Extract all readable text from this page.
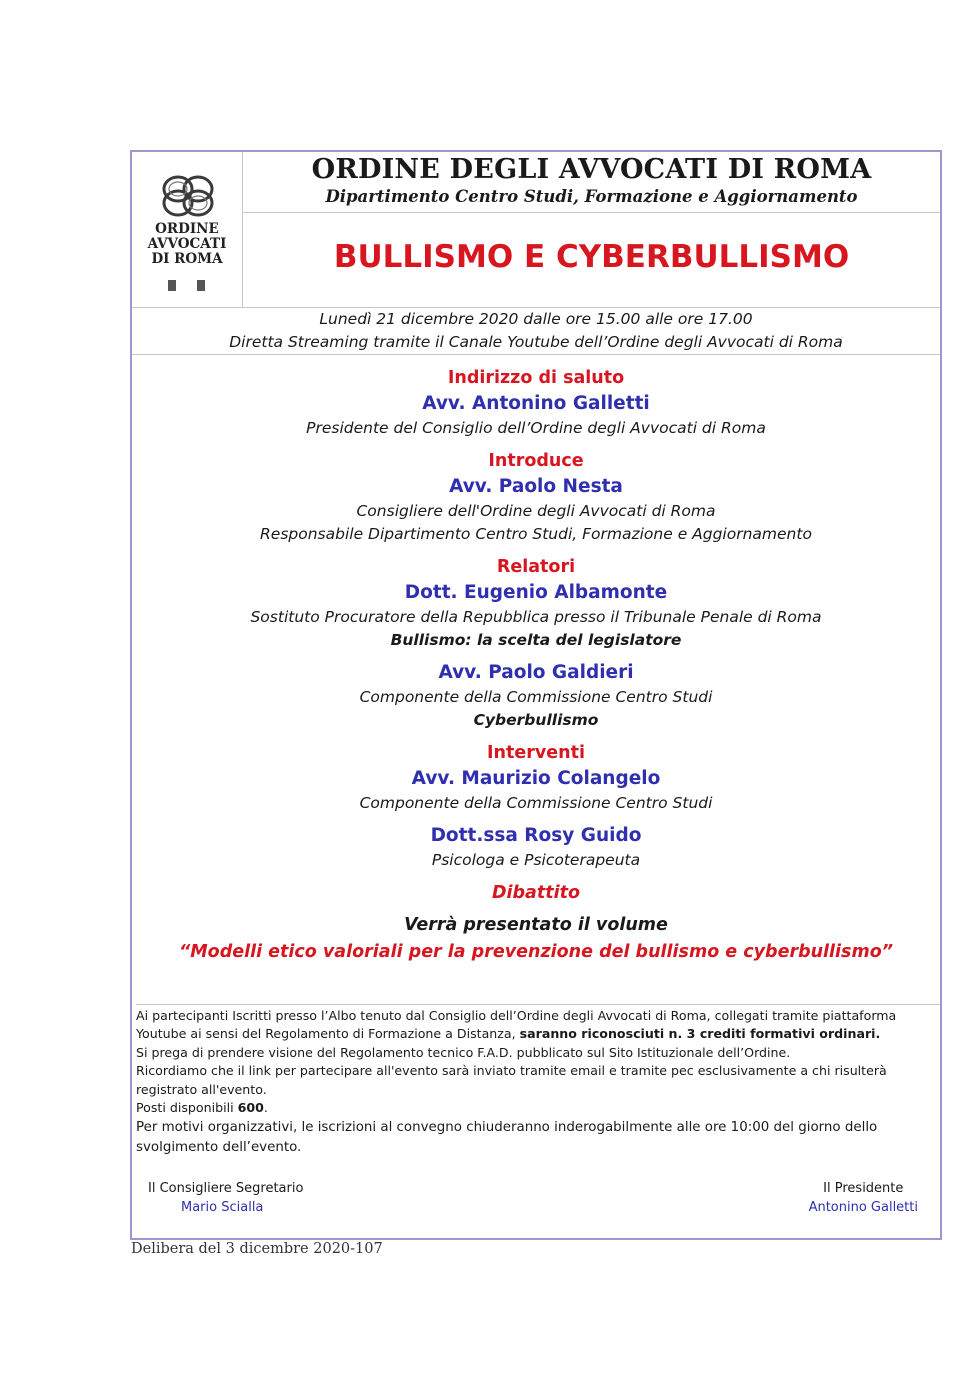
ORDINE
AVVOCATI
DI ROMA
ORDINE DEGLI AVVOCATI DI ROMA
Dipartimento Centro Studi, Formazione e Aggiornamento
BULLISMO E CYBERBULLISMO
Lunedì 21 dicembre 2020 dalle ore 15.00 alle ore 17.00
Diretta Streaming tramite il Canale Youtube dell’Ordine degli Avvocati di Roma
Indirizzo di saluto
Avv. Antonino Galletti
Presidente del Consiglio dell’Ordine degli Avvocati di Roma
Introduce
Avv. Paolo Nesta
Consigliere dell'Ordine degli Avvocati di Roma
Responsabile Dipartimento Centro Studi, Formazione e Aggiornamento
Relatori
Dott. Eugenio Albamonte
Sostituto Procuratore della Repubblica presso il Tribunale Penale di Roma
Bullismo: la scelta del legislatore
Avv. Paolo Galdieri
Componente della Commissione Centro Studi
Cyberbullismo
Interventi
Avv. Maurizio Colangelo
Componente della Commissione Centro Studi
Dott.ssa Rosy Guido
Psicologa e Psicoterapeuta
Dibattito
Verrà presentato il volume
“Modelli etico valoriali per la prevenzione del bullismo e cyberbullismo”

Ai partecipanti Iscritti presso l’Albo tenuto dal Consiglio dell’Ordine degli Avvocati di Roma, collegati tramite piattaforma Youtube ai sensi del Regolamento di Formazione a Distanza, saranno riconosciuti n. 3 crediti formativi ordinari.

Si prega di prendere visione del Regolamento tecnico F.A.D. pubblicato sul Sito Istituzionale dell’Ordine.

Ricordiamo che il link per partecipare all'evento sarà inviato tramite email e tramite pec esclusivamente a chi risulterà registrato all'evento.

Posti disponibili 600.

Per motivi organizzativi, le iscrizioni al convegno chiuderanno inderogabilmente alle ore 10:00 del giorno dello svolgimento dell’evento.

Il Consigliere Segretario
Mario Scialla
Il Presidente
Antonino Galletti
Delibera del 3 dicembre 2020-107
